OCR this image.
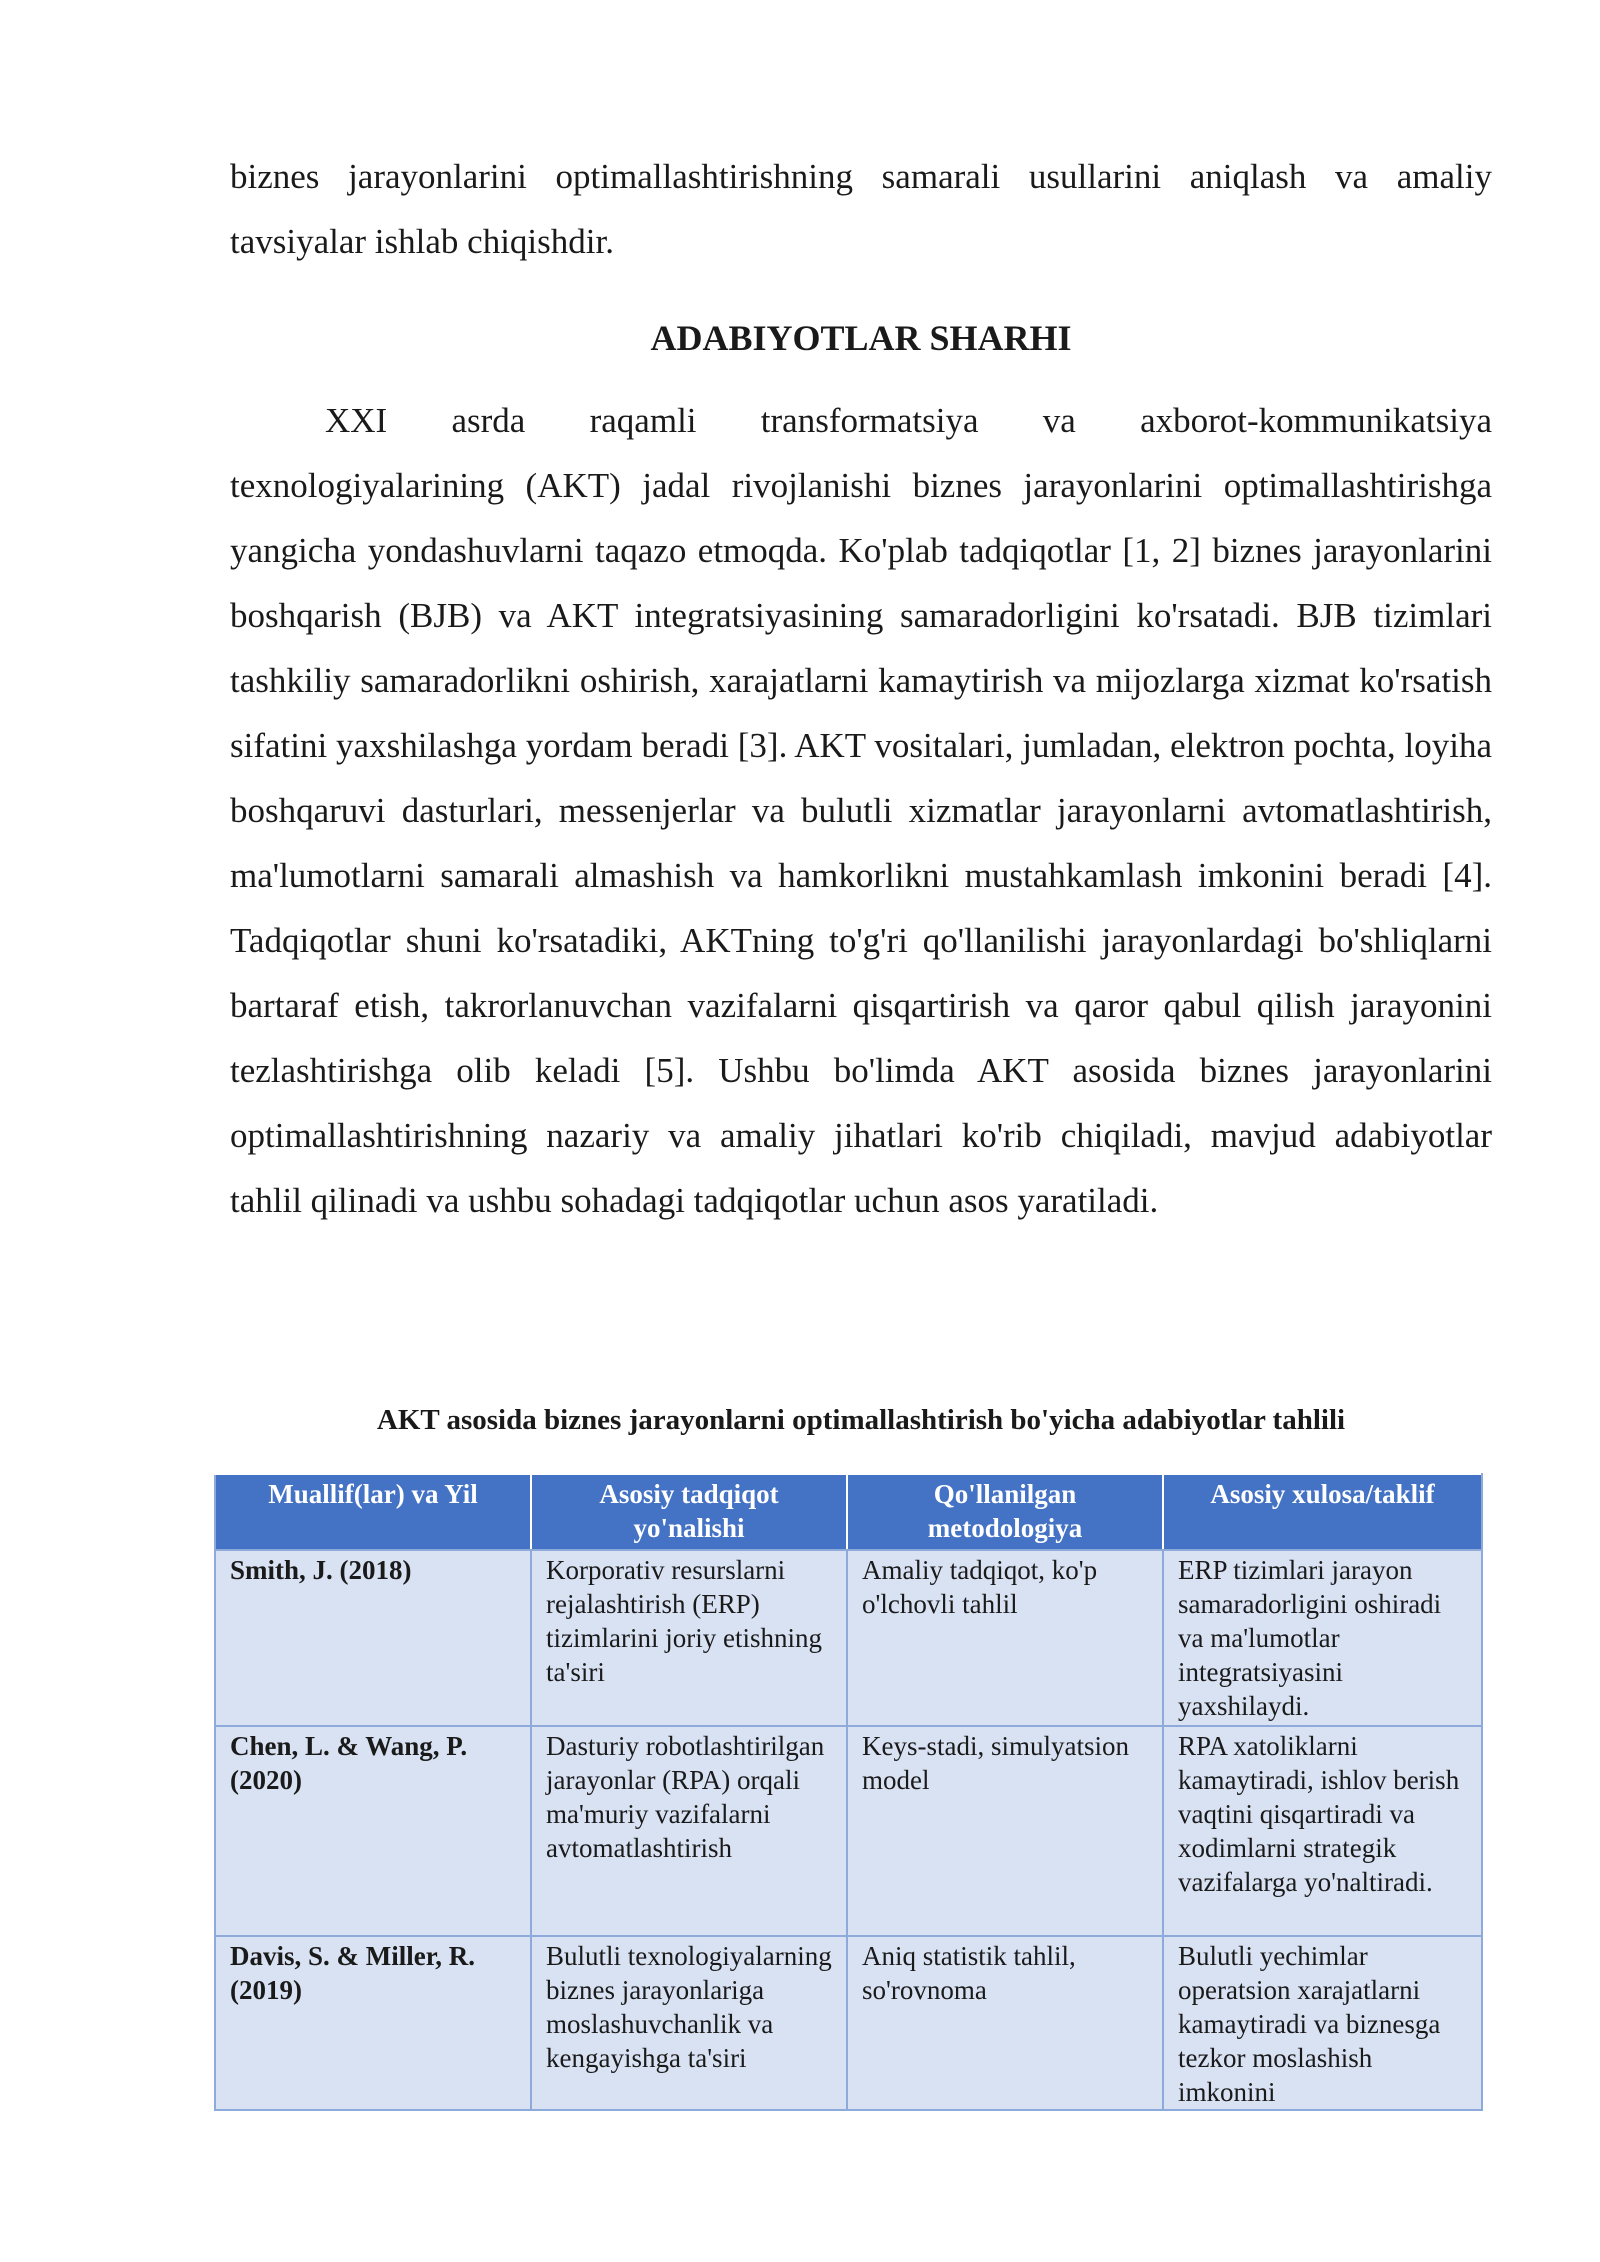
biznes jarayonlarini optimallashtirishning samarali usullarini aniqlash va amaliy tavsiyalar ishlab chiqishdir.

ADABIYOTLAR SHARHI

XXI asrda raqamli transformatsiya va axborot-kommunikatsiya texnologiyalarining (AKT) jadal rivojlanishi biznes jarayonlarini optimallashtirishga yangicha yondashuvlarni taqazo etmoqda. Ko'plab tadqiqotlar [1, 2] biznes jarayonlarini boshqarish (BJB) va AKT integratsiyasining samaradorligini ko'rsatadi. BJB tizimlari tashkiliy samaradorlikni oshirish, xarajatlarni kamaytirish va mijozlarga xizmat ko'rsatish sifatini yaxshilashga yordam beradi [3]. AKT vositalari, jumladan, elektron pochta, loyiha boshqaruvi dasturlari, messenjerlar va bulutli xizmatlar jarayonlarni avtomatlashtirish, ma'lumotlarni samarali almashish va hamkorlikni mustahkamlash imkonini beradi [4]. Tadqiqotlar shuni ko'rsatadiki, AKTning to'g'ri qo'llanilishi jarayonlardagi bo'shliqlarni bartaraf etish, takrorlanuvchan vazifalarni qisqartirish va qaror qabul qilish jarayonini tezlashtirishga olib keladi [5]. Ushbu bo'limda AKT asosida biznes jarayonlarini optimallashtirishning nazariy va amaliy jihatlari ko'rib chiqiladi, mavjud adabiyotlar tahlil qilinadi va ushbu sohadagi tadqiqotlar uchun asos yaratiladi.

AKT asosida biznes jarayonlarni optimallashtirish bo'yicha adabiyotlar tahlili
Muallif(lar) va Yil	Asosiy tadqiqot yo'nalishi	Qo'llanilgan metodologiya	Asosiy xulosa/taklif
Smith, J. (2018)	Korporativ resurslarni rejalashtirish (ERP) tizimlarini joriy etishning ta'siri	Amaliy tadqiqot, ko'p o'lchovli tahlil	ERP tizimlari jarayon samaradorligini oshiradi va ma'lumotlar integratsiyasini yaxshilaydi.
Chen, L. & Wang, P. (2020)	Dasturiy robotlashtirilgan jarayonlar (RPA) orqali ma'muriy vazifalarni avtomatlashtirish	Keys-stadi, simulyatsion model	RPA xatoliklarni kamaytiradi, ishlov berish vaqtini qisqartiradi va xodimlarni strategik vazifalarga yo'naltiradi.
Davis, S. & Miller, R. (2019)	Bulutli texnologiyalarning biznes jarayonlariga moslashuvchanlik va kengayishga ta'siri	Aniq statistik tahlil, so'rovnoma	Bulutli yechimlar operatsion xarajatlarni kamaytiradi va biznesga tezkor moslashish imkonini
